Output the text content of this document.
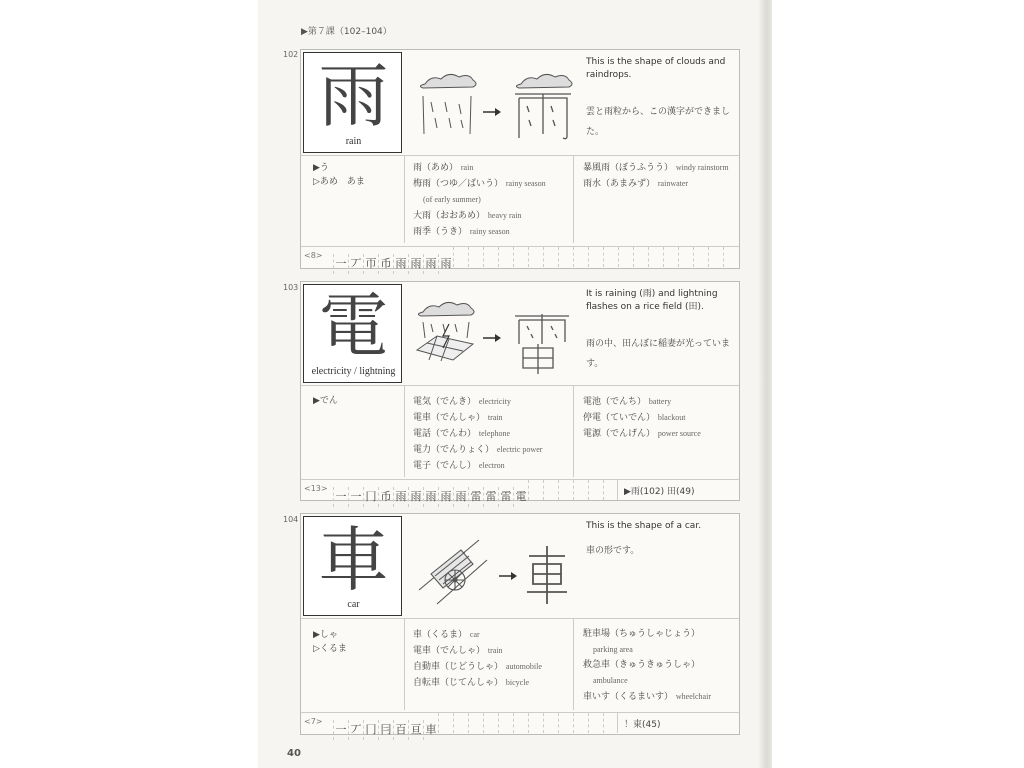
▶第７課（102–104）
102
雨
rain
This is the shape of clouds and raindrops.
雲と雨粒から、この漢字ができました。
▶う
▷あめ　あま
雨（あめ） rain
梅雨（つゆ／ばいう） rainy season
(of early summer)
大雨（おおあめ） heavy rain
雨季（うき） rainy season
暴風雨（ぼうふうう） windy rainstorm
雨水（あまみず） rainwater
<8>
一 丆 帀 币 雨 雨 雨 雨
103 電
electricity / lightning
It is raining (雨) and lightning flashes on a rice field (田).
雨の中、田んぼに稲妻が光っています。
▶でん	電気（でんき） electricity
電車（でんしゃ） train
電話（でんわ） telephone
電力（でんりょく） electric power
電子（でんし） electron
電池（でんち） battery
停電（ていでん） blackout
電源（でんげん） power source
<13>
一 一 ⼌ 币 雨 雨 雨 雨 雨 雷 雷 雷 電	▶雨(102) 田(49)
104 車
car
This is the shape of a car.
車の形です。
▶しゃ
▷くるま
車（くるま） car
電車（でんしゃ） train
自動車（じどうしゃ） automobile
自転車（じてんしゃ） bicycle
駐車場（ちゅうしゃじょう）
parking area
救急車（きゅうきゅうしゃ）
ambulance
車いす（くるまいす） wheelchair
<7>
一 丆 冂 冃 百 亘 車	！東(45)
40
